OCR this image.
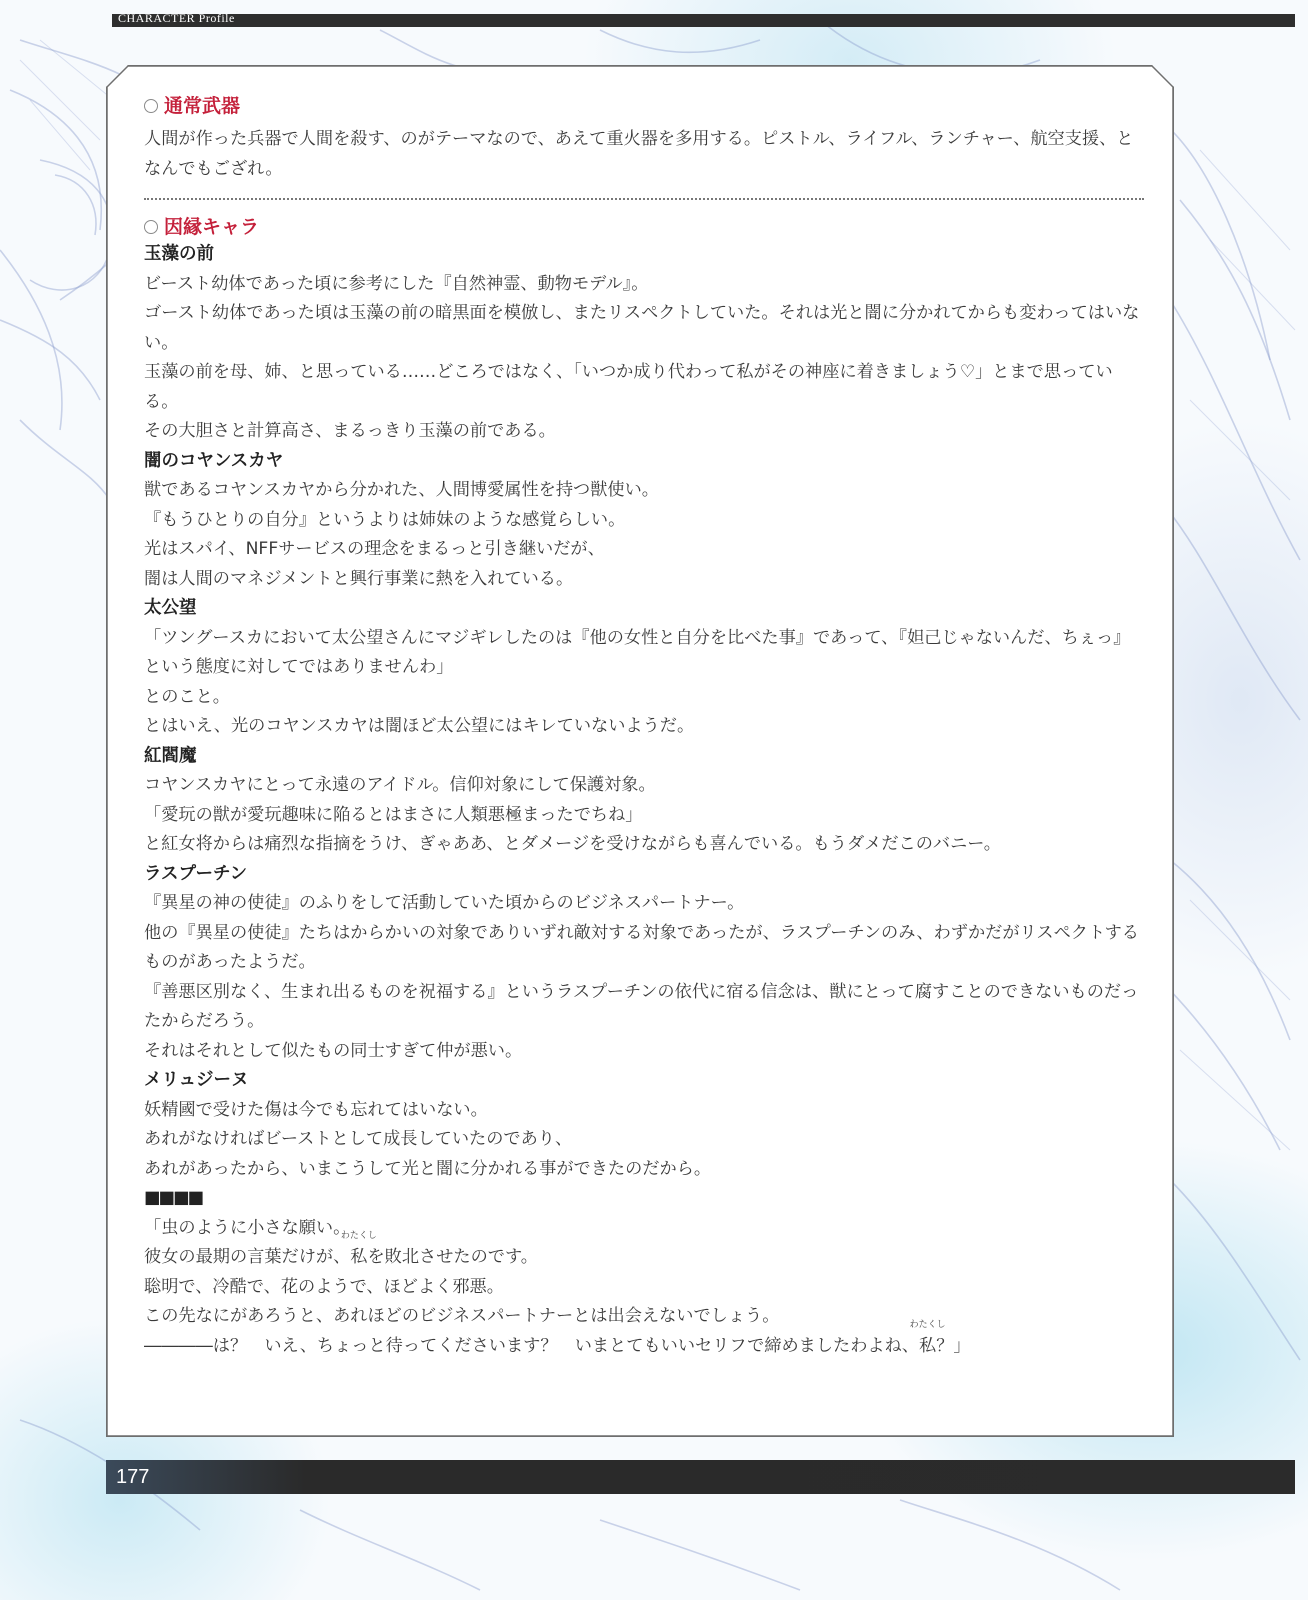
CHARACTER Profile
通常武器

人間が作った兵器で人間を殺す、のがテーマなので、あえて重火器を多用する。ピストル、ライフル、ランチャー、航空支援、となんでもござれ。

因縁キャラ
玉藻の前

ビースト幼体であった頃に参考にした『自然神霊、動物モデル』。

ゴースト幼体であった頃は玉藻の前の暗黒面を模倣し、またリスペクトしていた。それは光と闇に分かれてからも変わってはいない。

玉藻の前を母、姉、と思っている……どころではなく、「いつか成り代わって私がその神座に着きましょう♡」とまで思っている。

その大胆さと計算高さ、まるっきり玉藻の前である。

闇のコヤンスカヤ

獣であるコヤンスカヤから分かれた、人間博愛属性を持つ獣使い。

『もうひとりの自分』というよりは姉妹のような感覚らしい。

光はスパイ、NFFサービスの理念をまるっと引き継いだが、

闇は人間のマネジメントと興行事業に熱を入れている。

太公望

「ツングースカにおいて太公望さんにマジギレしたのは『他の女性と自分を比べた事』であって、『妲己じゃないんだ、ちぇっ』という態度に対してではありませんわ」

とのこと。

とはいえ、光のコヤンスカヤは闇ほど太公望にはキレていないようだ。

紅閻魔

コヤンスカヤにとって永遠のアイドル。信仰対象にして保護対象。

「愛玩の獣が愛玩趣味に陥るとはまさに人類悪極まったでちね」

と紅女将からは痛烈な指摘をうけ、ぎゃああ、とダメージを受けながらも喜んでいる。もうダメだこのバニー。

ラスプーチン

『異星の神の使徒』のふりをして活動していた頃からのビジネスパートナー。

他の『異星の使徒』たちはからかいの対象でありいずれ敵対する対象であったが、ラスプーチンのみ、わずかだがリスペクトするものがあったようだ。

『善悪区別なく、生まれ出るものを祝福する』というラスプーチンの依代に宿る信念は、獣にとって腐すことのできないものだったからだろう。

それはそれとして似たもの同士すぎて仲が悪い。

メリュジーヌ

妖精國で受けた傷は今でも忘れてはいない。

あれがなければビーストとして成長していたのであり、

あれがあったから、いまこうして光と闇に分かれる事ができたのだから。

■■■■

「虫のように小さな願い。

彼女の最期の言葉だけが、
わたくし
私を敗北させたのです。

聡明で、冷酷で、花のようで、ほどよく邪悪。

この先なにがあろうと、あれほどのビジネスパートナーとは出会えないでしょう。

――――は？　いえ、ちょっと待ってくださいます？　いまとてもいいセリフで締めましたわよね、
わたくし
私？」

177
